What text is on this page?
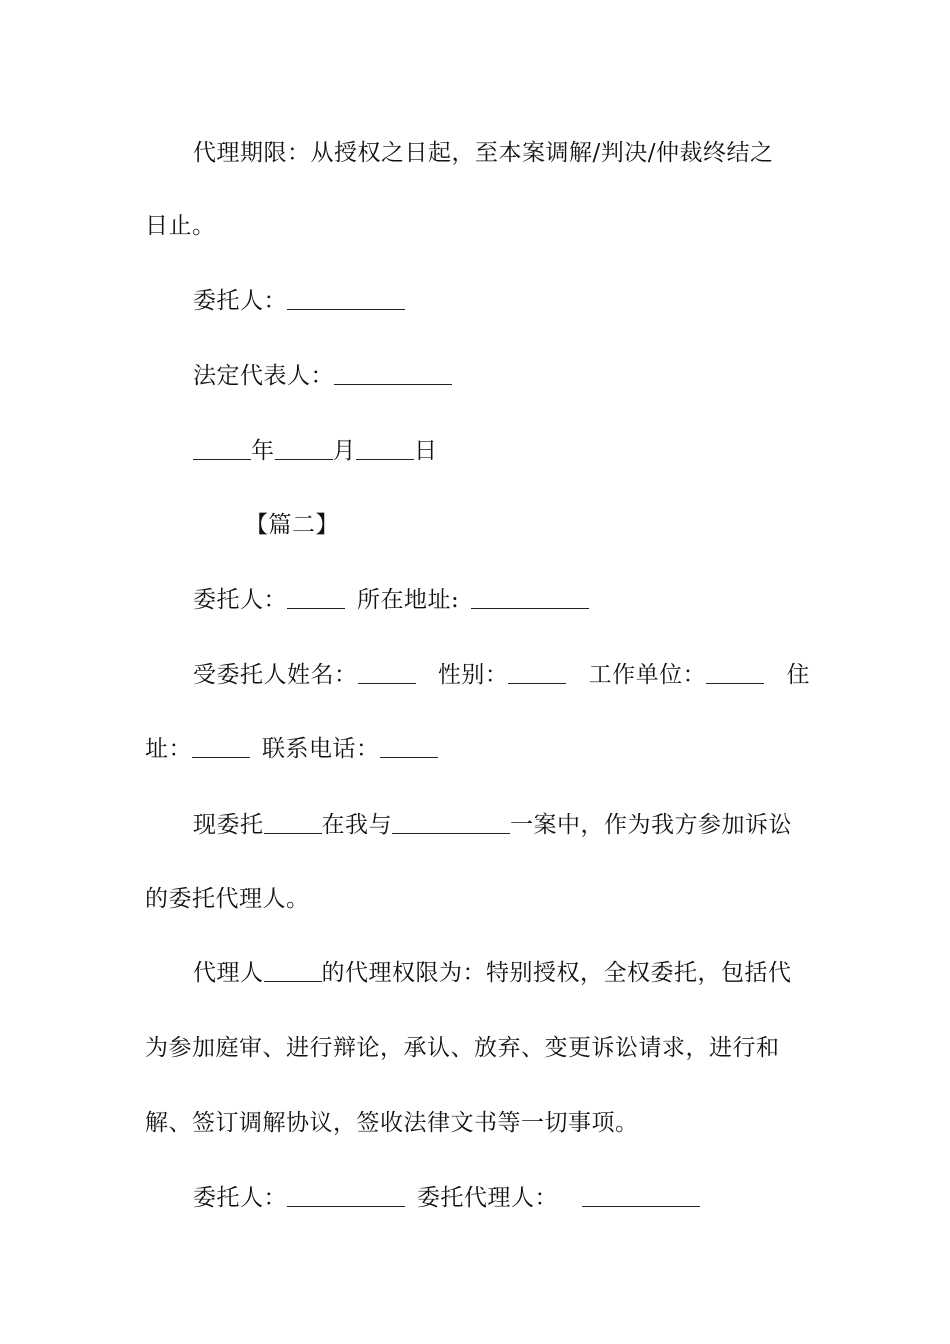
代理期限：从授权之日起，至本案调解/判决/仲裁终结之
日止。
委托人：
法定代表人：
年	月	日
【篇二】
委托人：	所在地址:
受委托人姓名：	性别：	工作单位：	住
址：	联系电话：
现委托	在我与	一案中，作为我方参加诉讼
的委托代理人。
代理人	的代理权限为：特别授权，全权委托，包括代
为参加庭审、进行辩论，承认、放弃、变更诉讼请求，进行和
解、签订调解协议，签收法律文书等一切事项。
委托人：	委托代理人：
